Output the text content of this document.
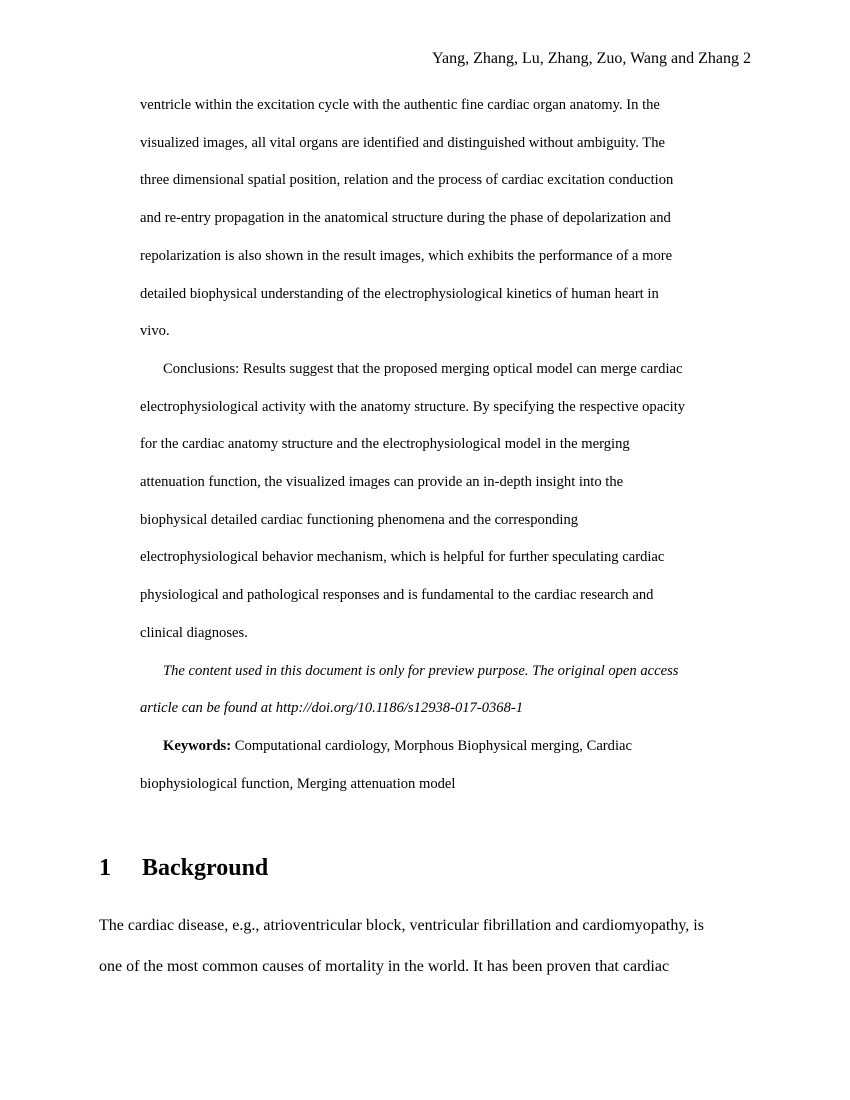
Yang, Zhang, Lu, Zhang, Zuo, Wang and Zhang 2

ventricle within the excitation cycle with the authentic fine cardiac organ anatomy. In the
visualized images, all vital organs are identified and distinguished without ambiguity. The
three dimensional spatial position, relation and the process of cardiac excitation conduction
and re-entry propagation in the anatomical structure during the phase of depolarization and
repolarization is also shown in the result images, which exhibits the performance of a more
detailed biophysical understanding of the electrophysiological kinetics of human heart in
vivo.

Conclusions: Results suggest that the proposed merging optical model can merge cardiac
electrophysiological activity with the anatomy structure. By specifying the respective opacity
for the cardiac anatomy structure and the electrophysiological model in the merging
attenuation function, the visualized images can provide an in-depth insight into the
biophysical detailed cardiac functioning phenomena and the corresponding
electrophysiological behavior mechanism, which is helpful for further speculating cardiac
physiological and pathological responses and is fundamental to the cardiac research and
clinical diagnoses.

The content used in this document is only for preview purpose. The original open access
article can be found at http://doi.org/10.1186/s12938-017-0368-1

Keywords: Computational cardiology, Morphous Biophysical merging, Cardiac
biophysiological function, Merging attenuation model

1 Background

The cardiac disease, e.g., atrioventricular block, ventricular fibrillation and cardiomyopathy, is
one of the most common causes of mortality in the world. It has been proven that cardiac
